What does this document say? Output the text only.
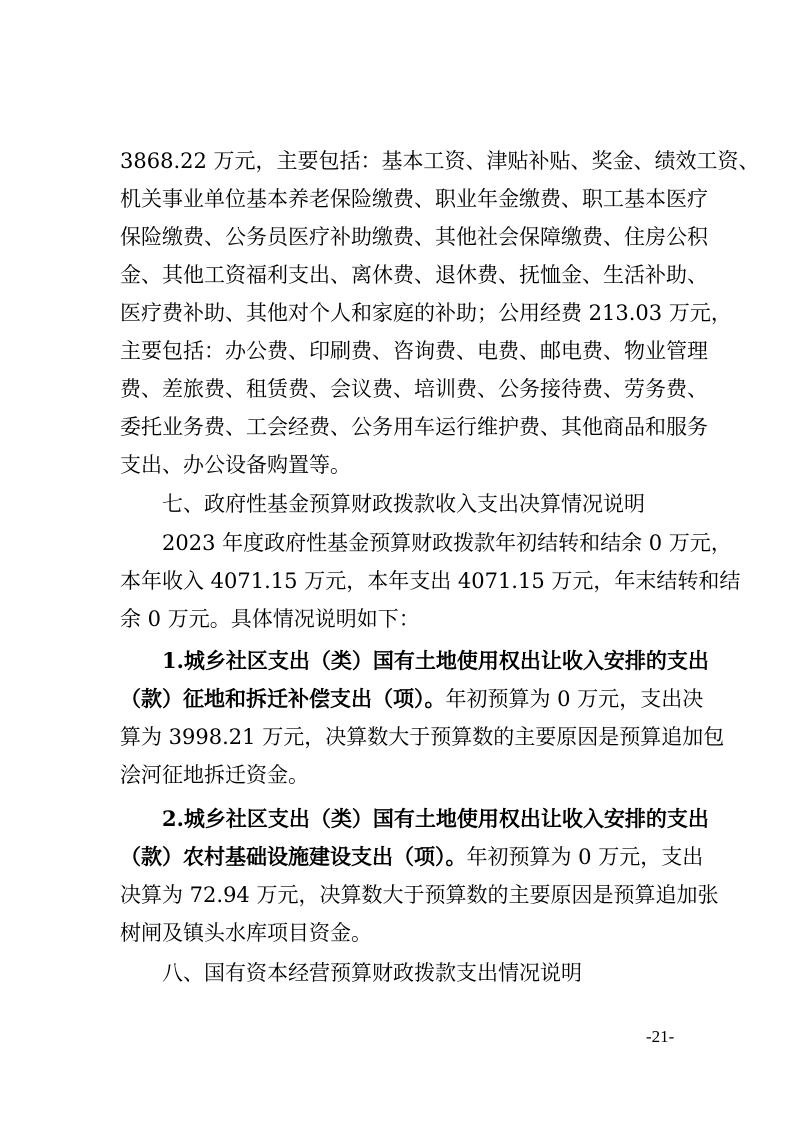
3868.22 万元，主要包括：基本工资、津贴补贴、奖金、绩效工资、
机关事业单位基本养老保险缴费、职业年金缴费、职工基本医疗
保险缴费、公务员医疗补助缴费、其他社会保障缴费、住房公积
金、其他工资福利支出、离休费、退休费、抚恤金、生活补助、
医疗费补助、其他对个人和家庭的补助；公用经费 213.03 万元，
主要包括：办公费、印刷费、咨询费、电费、邮电费、物业管理
费、差旅费、租赁费、会议费、培训费、公务接待费、劳务费、
委托业务费、工会经费、公务用车运行维护费、其他商品和服务
支出、办公设备购置等。
七、政府性基金预算财政拨款收入支出决算情况说明
2023 年度政府性基金预算财政拨款年初结转和结余 0 万元，
本年收入 4071.15 万元，本年支出 4071.15 万元，年末结转和结
余 0 万元。具体情况说明如下：
1.城乡社区支出（类）国有土地使用权出让收入安排的支出
（款）征地和拆迁补偿支出（项）。年初预算为 0 万元，支出决
算为 3998.21 万元，决算数大于预算数的主要原因是预算追加包
浍河征地拆迁资金。
2.城乡社区支出（类）国有土地使用权出让收入安排的支出
（款）农村基础设施建设支出（项）。年初预算为 0 万元，支出
决算为 72.94 万元，决算数大于预算数的主要原因是预算追加张
树闸及镇头水库项目资金。
八、国有资本经营预算财政拨款支出情况说明
-21-
